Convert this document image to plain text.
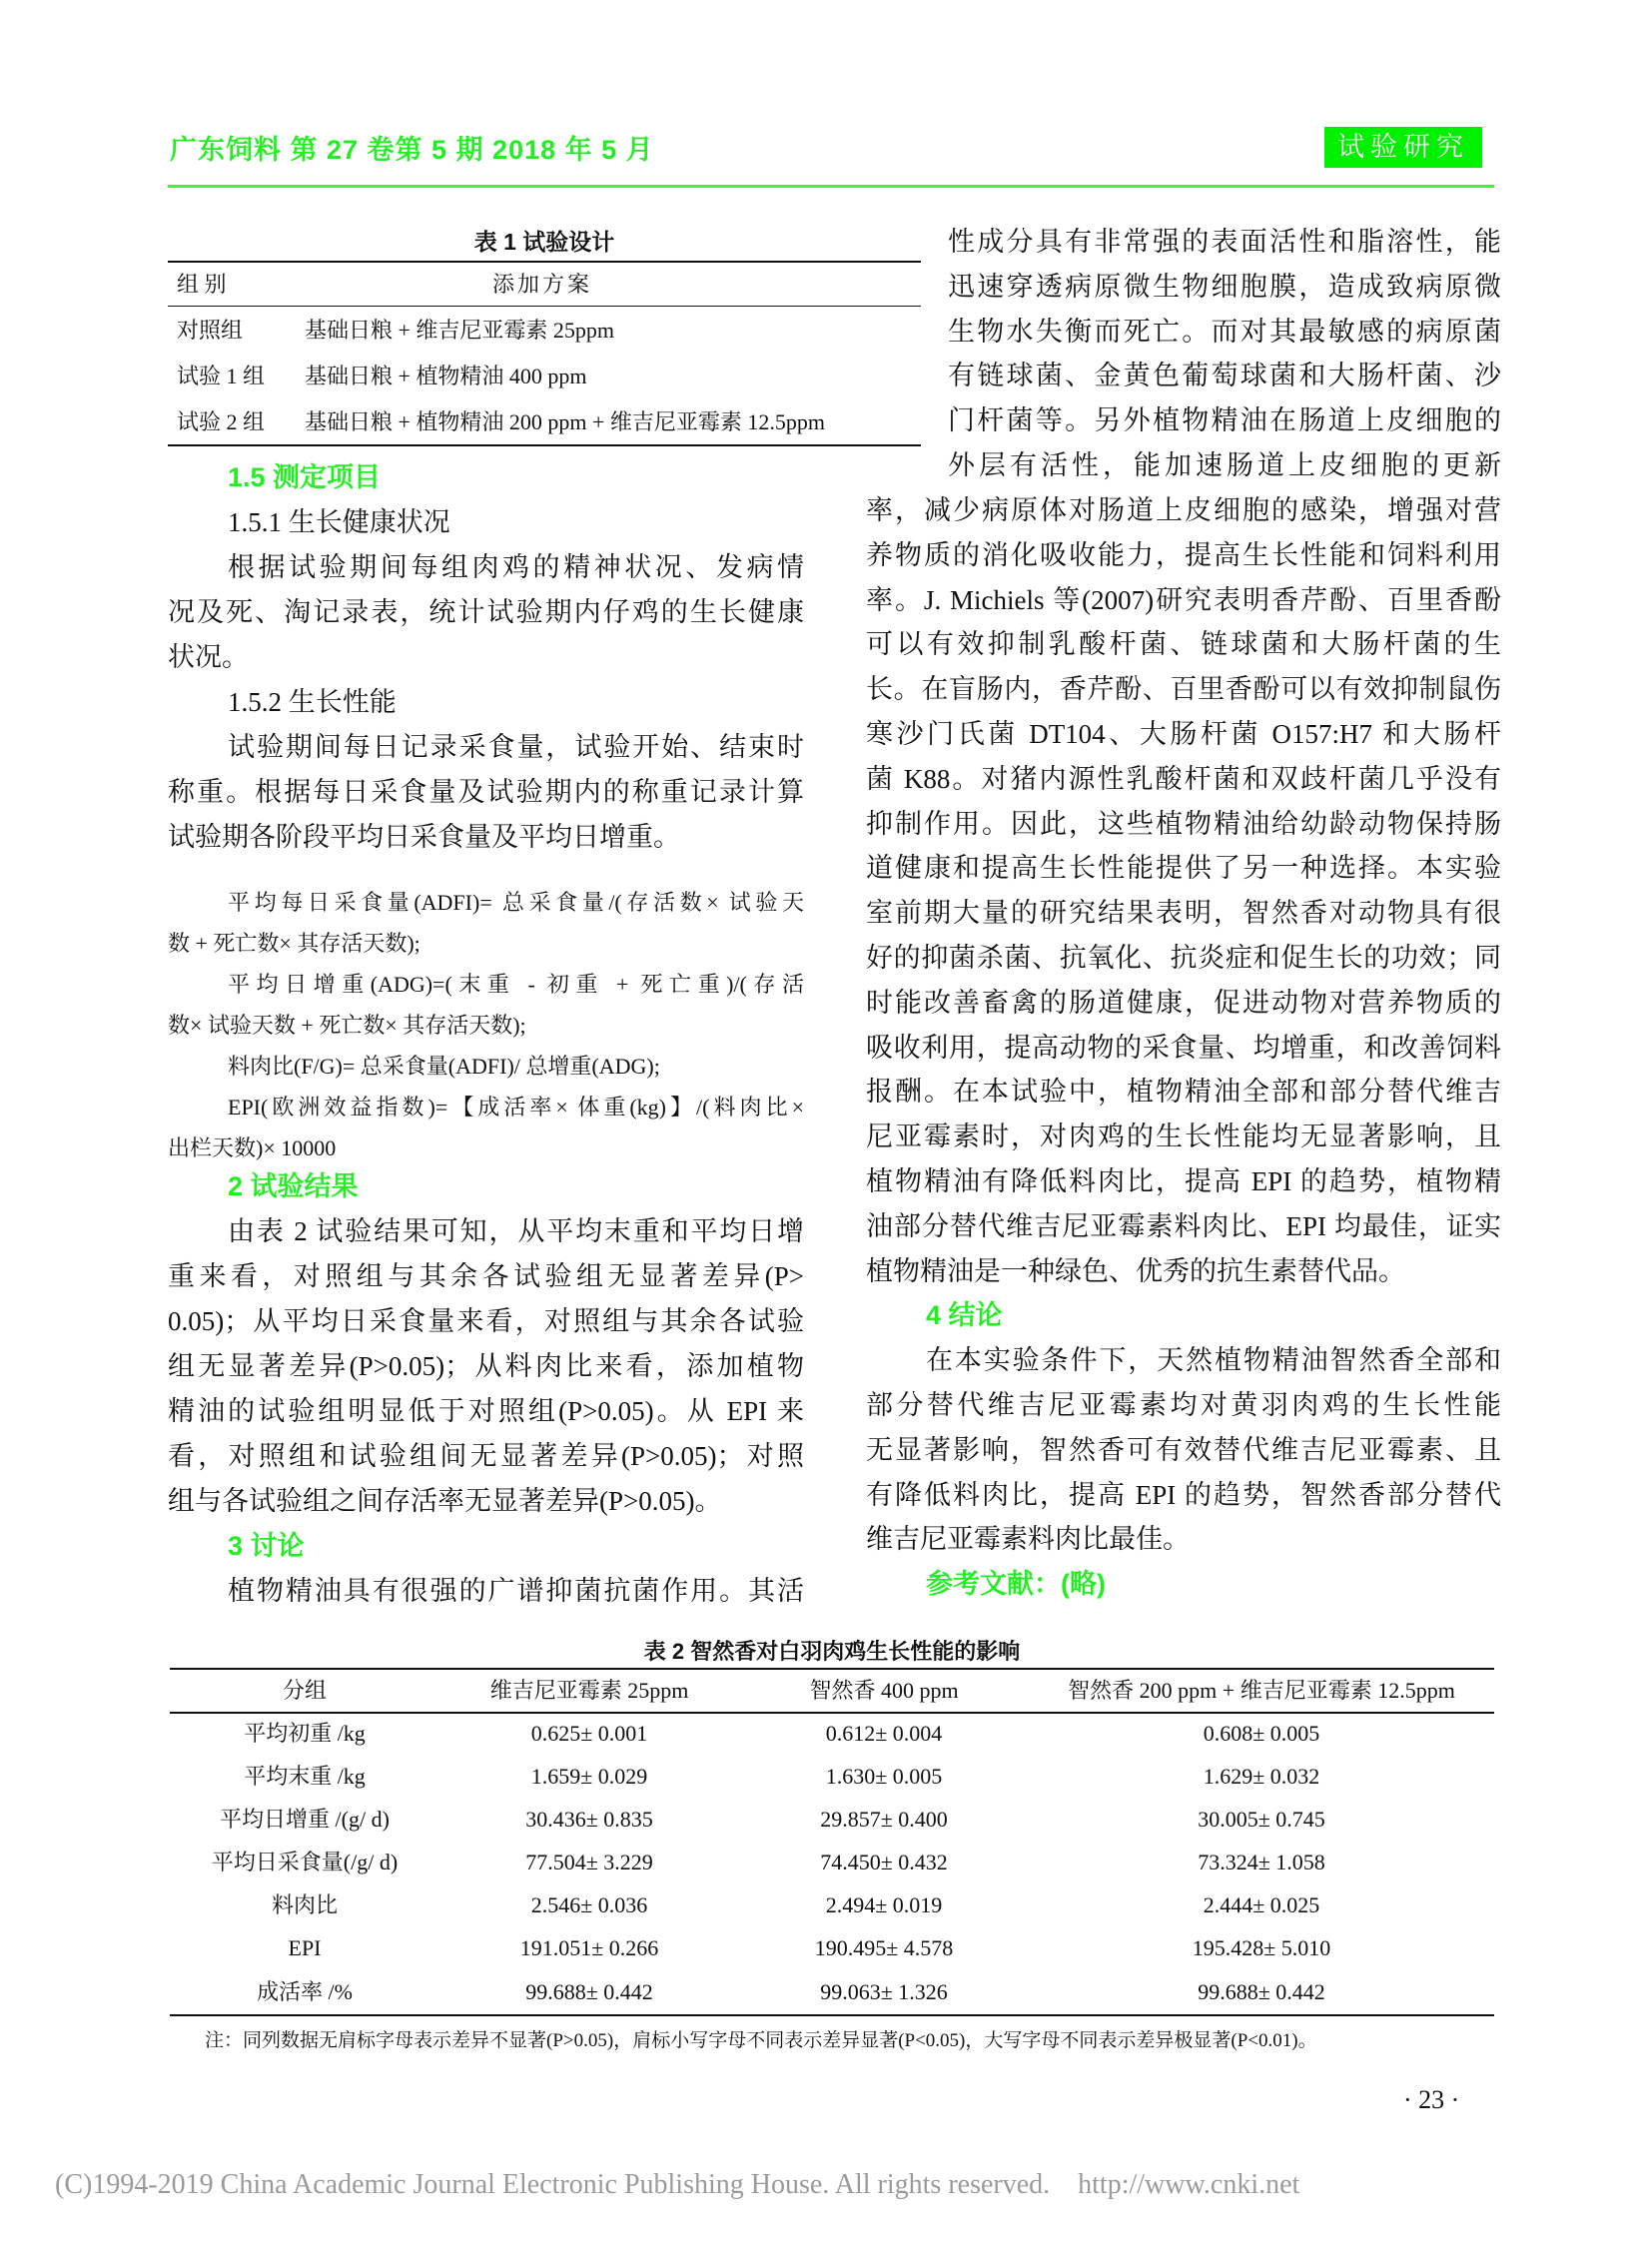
广东饲料 第 27 卷第 5 期 2018 年 5 月	试验研究
表 1 试验设计
组 别	添加方案
对照组	基础日粮 + 维吉尼亚霉素 25ppm
试验 1 组 基础日粮 + 植物精油 400 ppm
试验 2 组 基础日粮 + 植物精油 200 ppm + 维吉尼亚霉素 12.5ppm
1.5 测定项目
1.5.1 生长健康状况
根据试验期间每组肉鸡的精神状况、发病情
况及死、淘记录表，统计试验期内仔鸡的生长健康
状况。
1.5.2 生长性能
试验期间每日记录采食量，试验开始、结束时
称重。根据每日采食量及试验期内的称重记录计算
试验期各阶段平均日采食量及平均日增重。
平均每日采食量(ADFI)= 总采食量/(存活数× 试验天
数 + 死亡数× 其存活天数);
平均日增重(ADG)=(末重 - 初重 + 死亡重)/(存活
数× 试验天数 + 死亡数× 其存活天数);
料肉比(F/G)= 总采食量(ADFI)/ 总增重(ADG);
EPI(欧洲效益指数)=【成活率× 体重(kg)】/(料肉比×
出栏天数)× 10000
2 试验结果
由表 2 试验结果可知，从平均末重和平均日增
重来看，对照组与其余各试验组无显著差异(P>
0.05)；从平均日采食量来看，对照组与其余各试验
组无显著差异(P>0.05)；从料肉比来看，添加植物
精油的试验组明显低于对照组(P>0.05)。从 EPI 来
看，对照组和试验组间无显著差异(P>0.05)；对照
组与各试验组之间存活率无显著差异(P>0.05)。
3 讨论
植物精油具有很强的广谱抑菌抗菌作用。其活
性成分具有非常强的表面活性和脂溶性，能
迅速穿透病原微生物细胞膜，造成致病原微
生物水失衡而死亡。而对其最敏感的病原菌
有链球菌、金黄色葡萄球菌和大肠杆菌、沙
门杆菌等。另外植物精油在肠道上皮细胞的
外层有活性，能加速肠道上皮细胞的更新
率，减少病原体对肠道上皮细胞的感染，增强对营
养物质的消化吸收能力，提高生长性能和饲料利用
率。J. Michiels 等(2007)研究表明香芹酚、百里香酚
可以有效抑制乳酸杆菌、链球菌和大肠杆菌的生
长。在盲肠内，香芹酚、百里香酚可以有效抑制鼠伤
寒沙门氏菌 DT104、大肠杆菌 O157:H7 和大肠杆
菌 K88。对猪内源性乳酸杆菌和双歧杆菌几乎没有
抑制作用。因此，这些植物精油给幼龄动物保持肠
道健康和提高生长性能提供了另一种选择。本实验
室前期大量的研究结果表明，智然香对动物具有很
好的抑菌杀菌、抗氧化、抗炎症和促生长的功效；同
时能改善畜禽的肠道健康，促进动物对营养物质的
吸收利用，提高动物的采食量、均增重，和改善饲料
报酬。在本试验中，植物精油全部和部分替代维吉
尼亚霉素时，对肉鸡的生长性能均无显著影响，且
植物精油有降低料肉比，提高 EPI 的趋势，植物精
油部分替代维吉尼亚霉素料肉比、EPI 均最佳，证实
植物精油是一种绿色、优秀的抗生素替代品。
4 结论
在本实验条件下，天然植物精油智然香全部和
部分替代维吉尼亚霉素均对黄羽肉鸡的生长性能
无显著影响，智然香可有效替代维吉尼亚霉素、且
有降低料肉比，提高 EPI 的趋势，智然香部分替代
维吉尼亚霉素料肉比最佳。
参考文献：(略)
表 2 智然香对白羽肉鸡生长性能的影响
分组	维吉尼亚霉素 25ppm	智然香 400 ppm	智然香 200 ppm + 维吉尼亚霉素 12.5ppm
平均初重 /kg	0.625± 0.001	0.612± 0.004	0.608± 0.005
平均末重 /kg	1.659± 0.029	1.630± 0.005	1.629± 0.032
平均日增重 /(g/ d)	30.436± 0.835	29.857± 0.400	30.005± 0.745
平均日采食量(/g/ d)	77.504± 3.229	74.450± 0.432	73.324± 1.058
料肉比	2.546± 0.036	2.494± 0.019	2.444± 0.025
EPI	191.051± 0.266	190.495± 4.578	195.428± 5.010
成活率 /%	99.688± 0.442	99.063± 1.326	99.688± 0.442
注：同列数据无肩标字母表示差异不显著(P>0.05)，肩标小写字母不同表示差异显著(P<0.05)，大写字母不同表示差异极显著(P<0.01)。
· 23 ·
(C)1994-2019 China Academic Journal Electronic Publishing House. All rights reserved.    http://www.cnki.net
